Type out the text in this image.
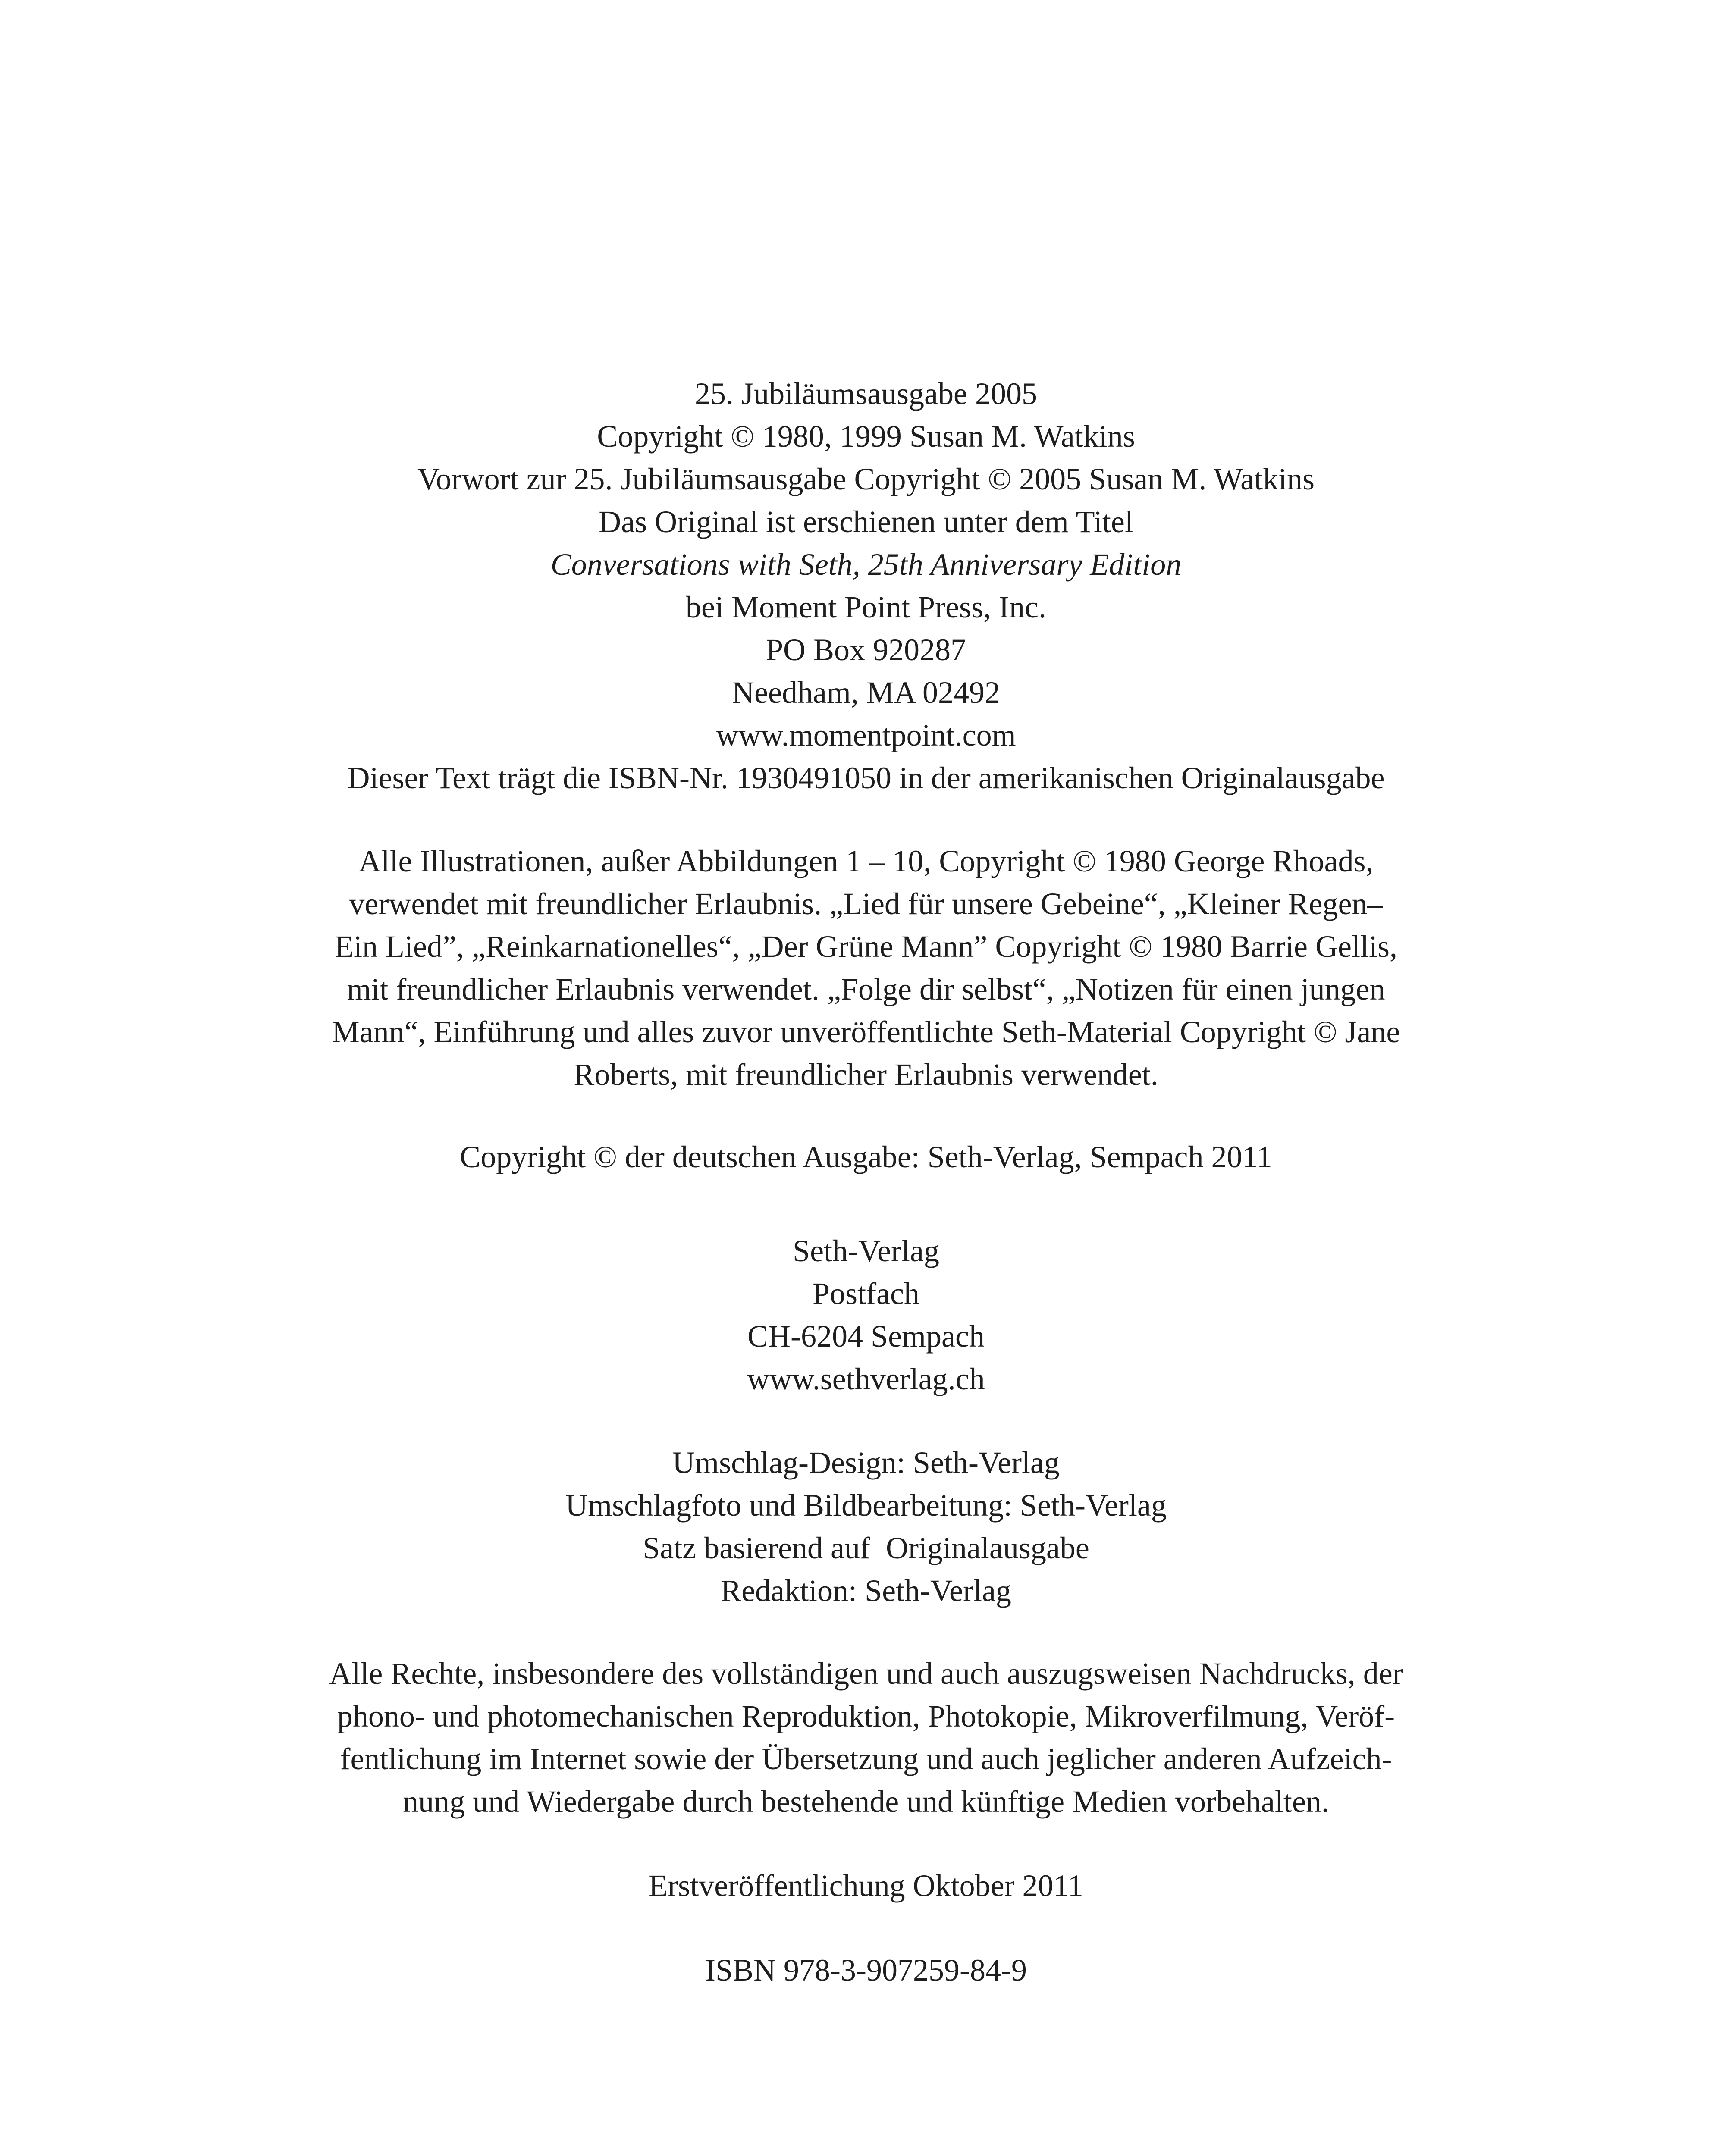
25. Jubiläumsausgabe 2005
Copyright © 1980, 1999 Susan M. Watkins
Vorwort zur 25. Jubiläumsausgabe Copyright © 2005 Susan M. Watkins
Das Original ist erschienen unter dem Titel
Conversations with Seth, 25th Anniversary Edition
bei Moment Point Press, Inc.
PO Box 920287
Needham, MA 02492
www.momentpoint.com
Dieser Text trägt die ISBN-Nr. 1930491050 in der amerikanischen Originalausgabe
Alle Illustrationen, außer Abbildungen 1 – 10, Copyright © 1980 George Rhoads,
verwendet mit freundlicher Erlaubnis. „Lied für unsere Gebeine“, „Kleiner Regen–
Ein Lied”, „Reinkarnationelles“, „Der Grüne Mann” Copyright © 1980 Barrie Gellis,
mit freundlicher Erlaubnis verwendet. „Folge dir selbst“, „Notizen für einen jungen
Mann“, Einführung und alles zuvor unveröffentlichte Seth-Material Copyright © Jane
Roberts, mit freundlicher Erlaubnis verwendet.
Copyright © der deutschen Ausgabe: Seth-Verlag, Sempach 2011
Seth-Verlag
Postfach
CH-6204 Sempach
www.sethverlag.ch
Umschlag-Design: Seth-Verlag
Umschlagfoto und Bildbearbeitung: Seth-Verlag
Satz basierend auf  Originalausgabe
Redaktion: Seth-Verlag
Alle Rechte, insbesondere des vollständigen und auch auszugsweisen Nachdrucks, der
phono- und photomechanischen Reproduktion, Photokopie, Mikroverfilmung, Veröf-
fentlichung im Internet sowie der Übersetzung und auch jeglicher anderen Aufzeich-
nung und Wiedergabe durch bestehende und künftige Medien vorbehalten.
Erstveröffentlichung Oktober 2011
ISBN 978-3-907259-84-9
